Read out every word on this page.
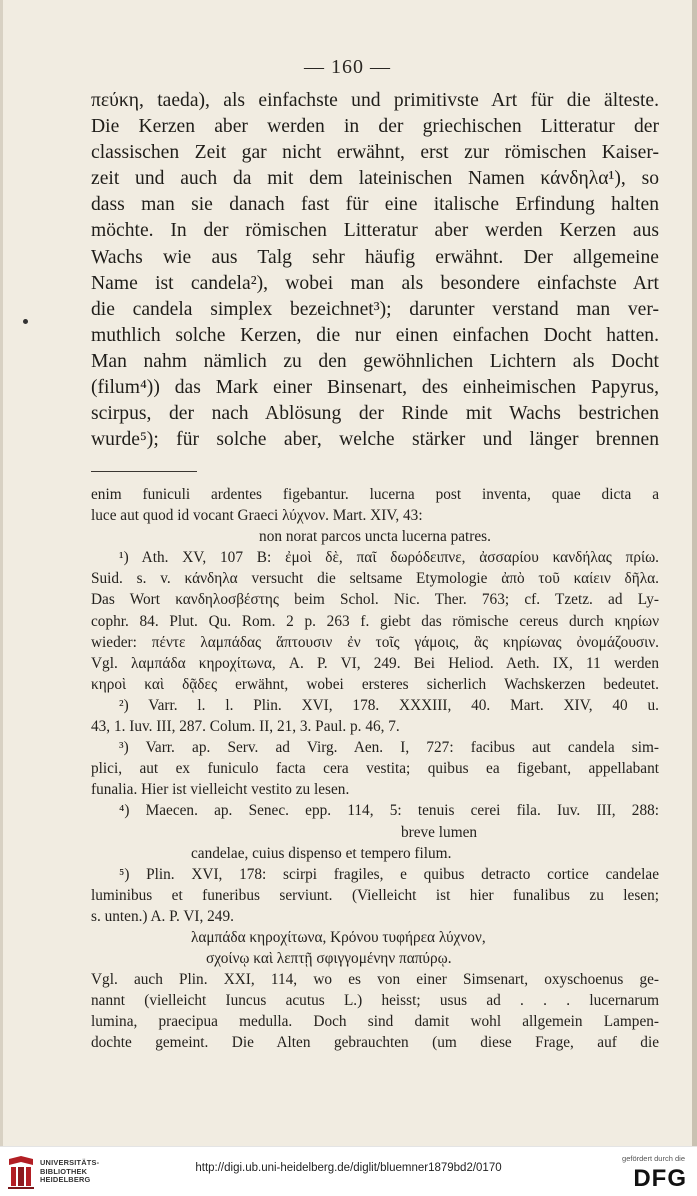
— 160 —
πεύκη, taeda), als einfachste und primitivste Art für die älteste.
Die Kerzen aber werden in der griechischen Litteratur der
classischen Zeit gar nicht erwähnt, erst zur römischen Kaiser-
zeit und auch da mit dem lateinischen Namen κάνδηλα¹), so
dass man sie danach fast für eine italische Erfindung halten
möchte. In der römischen Litteratur aber werden Kerzen aus
Wachs wie aus Talg sehr häufig erwähnt. Der allgemeine
Name ist candela²), wobei man als besondere einfachste Art
die candela simplex bezeichnet³); darunter verstand man ver-
muthlich solche Kerzen, die nur einen einfachen Docht hatten.
Man nahm nämlich zu den gewöhnlichen Lichtern als Docht
(filum⁴)) das Mark einer Binsenart, des einheimischen Papyrus,
scirpus, der nach Ablösung der Rinde mit Wachs bestrichen
wurde⁵); für solche aber, welche stärker und länger brennen
enim funiculi ardentes figebantur. lucerna post inventa, quae dicta a
luce aut quod id vocant Graeci λύχνον. Mart. XIV, 43:
non norat parcos uncta lucerna patres.
¹) Ath. XV, 107 B: ἐμοὶ δὲ, παῖ δωρόδειπνε, ἀσσαρίου κανδήλας πρίω.
Suid. s. v. κάνδηλα versucht die seltsame Etymologie ἀπὸ τοῦ καίειν δῆλα.
Das Wort κανδηλοσβέστης beim Schol. Nic. Ther. 763; cf. Tzetz. ad Ly-
cophr. 84. Plut. Qu. Rom. 2 p. 263 f. giebt das römische cereus durch κηρίων
wieder: πέντε λαμπάδας ἅπτουσιν ἐν τοῖς γάμοις, ἃς κηρίωνας ὀνομάζουσιν.
Vgl. λαμπάδα κηροχίτωνα, A. P. VI, 249. Bei Heliod. Aeth. IX, 11 werden
κηροὶ καὶ δᾷδες erwähnt, wobei ersteres sicherlich Wachskerzen bedeutet.
²) Varr. l. l. Plin. XVI, 178. XXXIII, 40. Mart. XIV, 40 u.
43, 1. Iuv. III, 287. Colum. II, 21, 3. Paul. p. 46, 7.
³) Varr. ap. Serv. ad Virg. Aen. I, 727: facibus aut candela sim-
plici, aut ex funiculo facta cera vestita; quibus ea figebant, appellabant
funalia. Hier ist vielleicht vestito zu lesen.
⁴) Maecen. ap. Senec. epp. 114, 5: tenuis cerei fila. Iuv. III, 288:
breve lumen
candelae, cuius dispenso et tempero filum.
⁵) Plin. XVI, 178: scirpi fragiles, e quibus detracto cortice candelae
luminibus et funeribus serviunt. (Vielleicht ist hier funalibus zu lesen;
s. unten.) A. P. VI, 249.
λαμπάδα κηροχίτωνα, Κρόνου τυφήρεα λύχνον,
σχοίνῳ καὶ λεπτῇ σφιγγομένην παπύρῳ.
Vgl. auch Plin. XXI, 114, wo es von einer Simsenart, oxyschoenus ge-
nannt (vielleicht Iuncus acutus L.) heisst; usus ad . . . lucernarum
lumina, praecipua medulla. Doch sind damit wohl allgemein Lampen-
dochte gemeint. Die Alten gebrauchten (um diese Frage, auf die
UNIVERSITÄTS-
BIBLIOTHEK
HEIDELBERG
http://digi.ub.uni-heidelberg.de/diglit/bluemner1879bd2/0170
gefördert durch die
DFG
